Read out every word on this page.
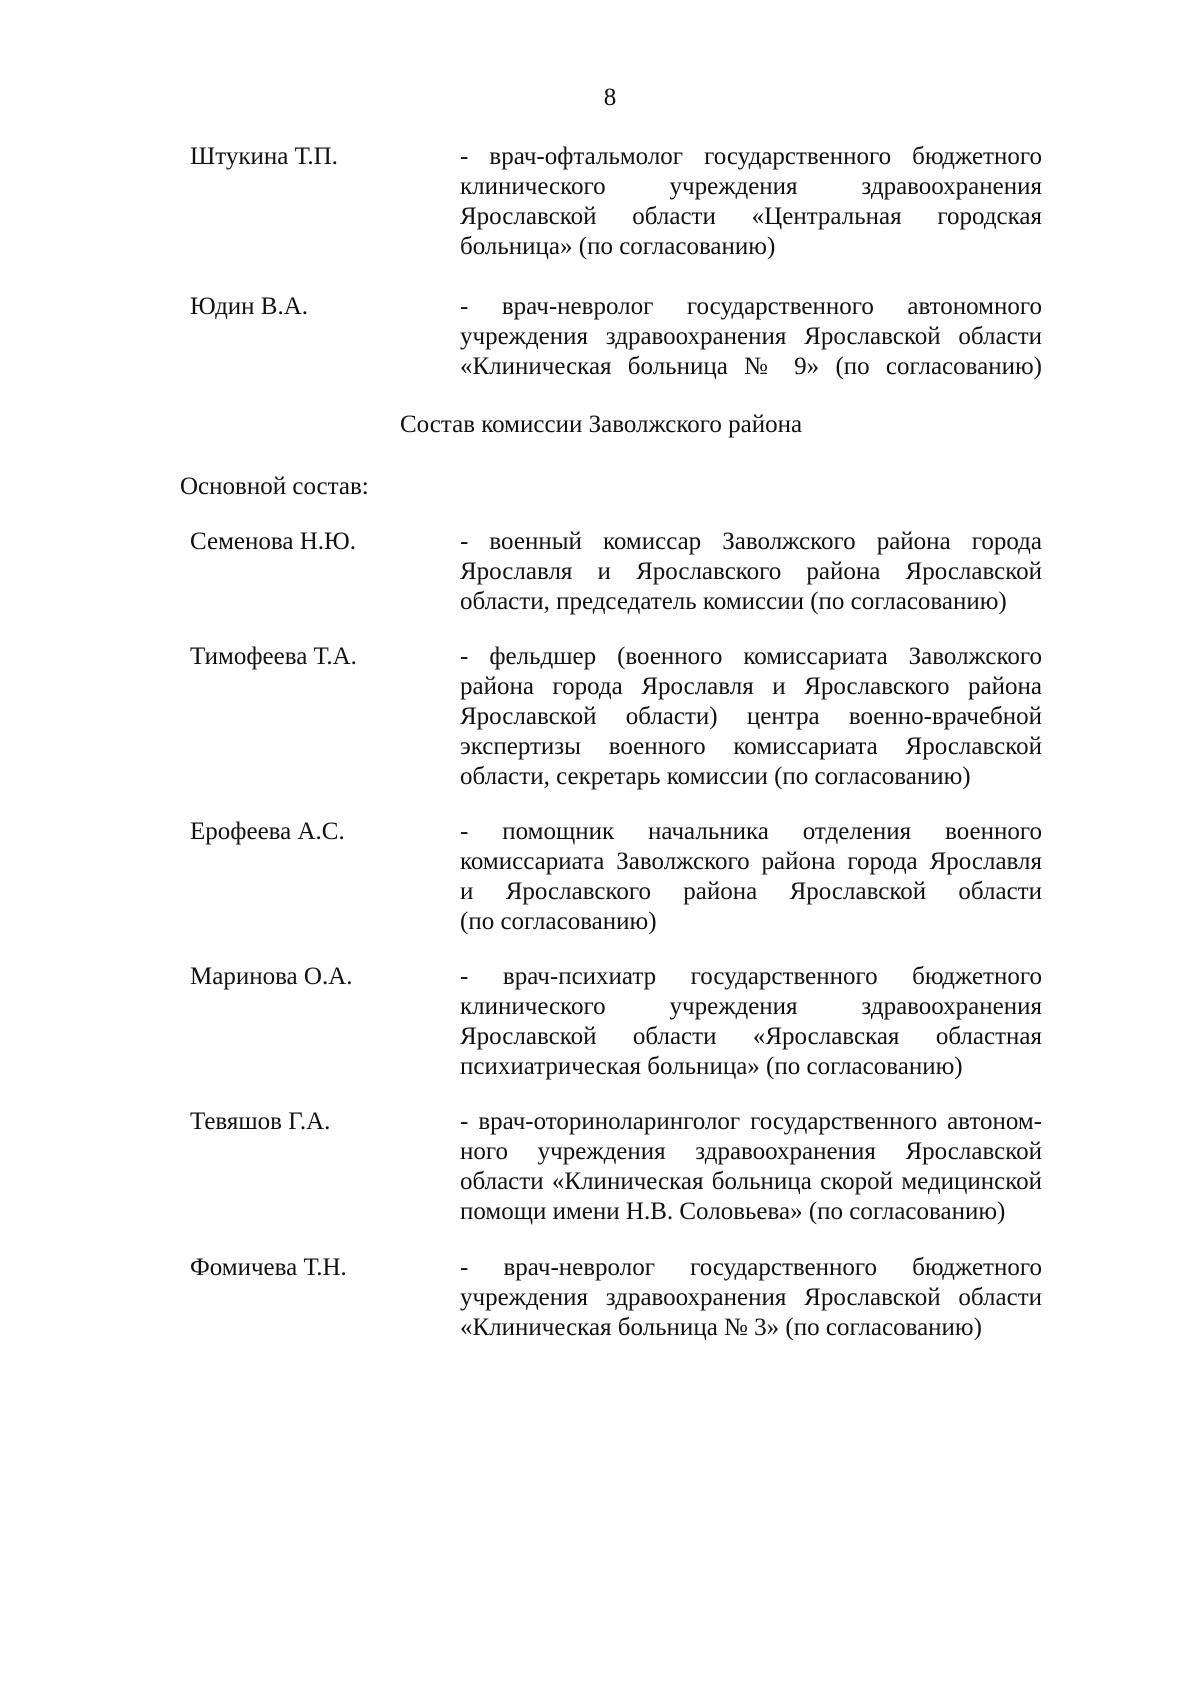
8
Штукина Т.П.	- врач-офтальмолог государственного бюджетного
клинического учреждения здравоохранения
Ярославской области «Центральная городская
больница» (по согласованию)
Юдин В.А.	- врач-невролог государственного автономного
учреждения здравоохранения Ярославской области
«Клиническая больница № 9» (по согласованию)
Состав комиссии Заволжского района
Основной состав:
Семенова Н.Ю.	- военный комиссар Заволжского района города
Ярославля и Ярославского района Ярославской
области, председатель комиссии (по согласованию)
Тимофеева Т.А.	- фельдшер (военного комиссариата Заволжского
района города Ярославля и Ярославского района
Ярославской области) центра военно-врачебной
экспертизы военного комиссариата Ярославской
области, секретарь комиссии (по согласованию)
Ерофеева А.С.	- помощник начальника отделения военного
комиссариата Заволжского района города Ярославля
и Ярославского района Ярославской области
(по согласованию)
Маринова О.А.	- врач-психиатр государственного бюджетного
клинического учреждения здравоохранения
Ярославской области «Ярославская областная
психиатрическая больница» (по согласованию)
Тевяшов Г.А.	- врач-оториноларинголог государственного автоном-
ного учреждения здравоохранения Ярославской
области «Клиническая больница скорой медицинской
помощи имени Н.В. Соловьева» (по согласованию)
Фомичева Т.Н.	- врач-невролог государственного бюджетного
учреждения здравоохранения Ярославской области
«Клиническая больница № 3» (по согласованию)
